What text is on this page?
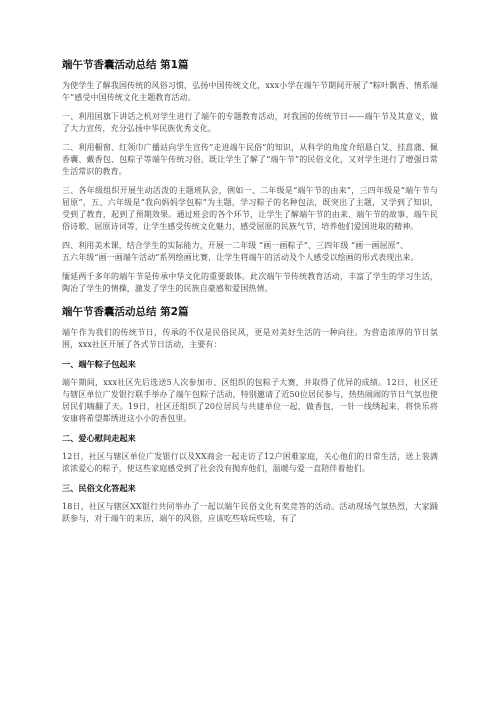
端午节香囊活动总结 第1篇

为使学生了解我国传统的风俗习惯，弘扬中国传统文化，xxx小学在端午节期间开展了“粽叶飘香、情系端午”感受中国传统文化主题教育活动。

一、利用国旗下讲话之机对学生进行了端午的专题教育活动，对我国的传统节日——端午节及其意义，做了大力宣传，充分弘扬中华民族优秀文化。

二、利用橱窗、红领巾广播站向学生宣传“走进端午民俗”的知识，从科学的角度介绍悬白艾、挂菖蒲、佩香囊、戴香包、包粽子等端午传统习俗，既让学生了解了“端午节”的民俗文化，又对学生进行了增强日常生活常识的教育。

三、各年级组织开展生动活泼的主题班队会，例如一、二年级是“端午节的由来”，三四年级是“端午节与屈原”，五、六年级是“我向妈妈学包粽”为主题，学习粽子的名种包法，既突出了主题，又学到了知识，受到了教育，起到了预期效果。通过班会的各个环节，让学生了解端午节的由来、端午节的故事、端午民俗诗歌、屈原诗词等，让学生感受传统文化魅力，感受屈原的民族气节，培养他们爱国进取的精神。

四、利用美术课，结合学生的实际能力，开展一二年级 “画一画粽子”、三四年级 “画一画屈原”、
五六年级“画一画端午活动”系列绘画比赛，让学生将端午的活动及个人感受以绘画的形式表现出来。

缅延两千多年的端午节是传承中华文化的重要载体。此次端午节传统教育活动，丰富了学生的学习生活，陶冶了学生的情操，激发了学生的民族自豪感和爱国热情。

端午节香囊活动总结 第2篇

端午作为我们的传统节日，传承的不仅是民俗民风，更是对美好生活的一种向往。为营造浓厚的节日氛围，xxx社区开展了各式节日活动，主要有：

一、端午粽子包起来

端午期间，xxx社区先后选送5人次参加市、区组织的包粽子大赛，并取得了优异的成绩。12日，社区还与辖区单位广发银行联手举办了端午包粽子活动，特别邀请了近50位居民参与，热热闹闹的节日气氛也使居民们嗨翻了天。19日，社区还组织了20位居民与共建单位一起，做香包，一针一线绣起来，将快乐将安康将希望都绣进这小小的香包里。

二、爱心慰问走起来

12日，社区与辖区单位广发银行以及XX商会一起走访了12户困难家庭，关心他们的日常生活，送上装满浓浓爱心的粽子，使这些家庭感受到了社会没有抛弃他们，温暖与爱一直陪伴着他们。

三、民俗文化答起来

18日，社区与辖区XX银行共同举办了一起以端午民俗文化有奖竞答的活动。活动现场气氛热烈，大家踊跃参与，对于端午的来历，端午的风俗，应该吃些啥玩些啥，有了
